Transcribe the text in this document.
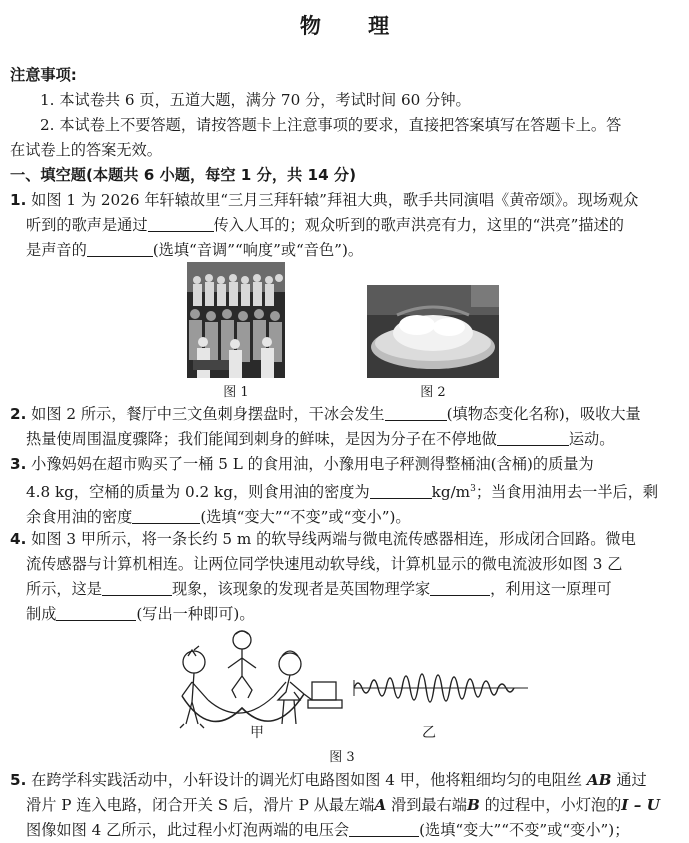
物 理
注意事项:
1. 本试卷共 6 页，五道大题，满分 70 分，考试时间 60 分钟。
2. 本试卷上不要答题，请按答题卡上注意事项的要求，直接把答案填写在答题卡上。答
在试卷上的答案无效。
一、填空题(本题共 6 小题，每空 1 分，共 14 分)
1. 如图 1 为 2026 年轩辕故里“三月三拜轩辕”拜祖大典，歌手共同演唱《黄帝颂》。现场观众
听到的歌声是通过	传入人耳的；观众听到的歌声洪亮有力，这里的“洪亮”描述的
是声音的	(选填“音调”“响度”或“音色”)。
图 1	图 2
2. 如图 2 所示，餐厅中三文鱼刺身摆盘时，干冰会发生	(填物态变化名称)，吸收大量
热量使周围温度骤降；我们能闻到刺身的鲜味，是因为分子在不停地做	运动。
3. 小豫妈妈在超市购买了一桶 5 L 的食用油，小豫用电子秤测得整桶油(含桶)的质量为
4.8 kg，空桶的质量为 0.2 kg，则食用油的密度为	$kg/m^3$；当食用油用去一半后，剩
余食用油的密度	(选填“变大”“不变”或“变小”)。
4. 如图 3 甲所示，将一条长约 5 m 的软导线两端与微电流传感器相连，形成闭合回路。微电
流传感器与计算机相连。让两位同学快速甩动软导线，计算机显示的微电流波形如图 3 乙
所示，这是	现象，该现象的发现者是英国物理学家	，利用这一原理可
制成	(写出一种即可)。
甲	乙
图 3
5. 在跨学科实践活动中，小轩设计的调光灯电路图如图 4 甲，他将粗细均匀的电阻丝 AB 通过
滑片 P 连入电路，闭合开关 S 后，滑片 P 从最左端A 滑到最右端B 的过程中，小灯泡的I – U
图像如图 4 乙所示，此过程小灯泡两端的电压会	(选填“变大”“不变”或“变小”)；
